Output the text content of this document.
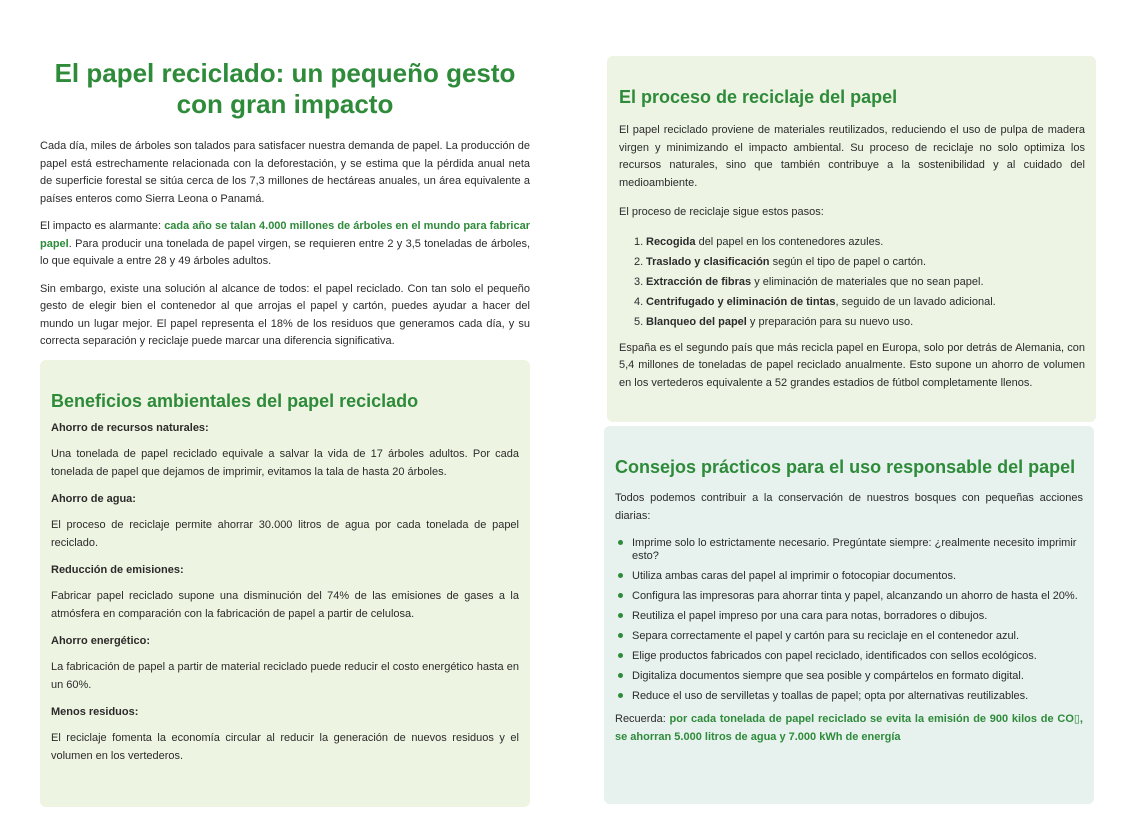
El papel reciclado: un pequeño gesto con gran impacto

Cada día, miles de árboles son talados para satisfacer nuestra demanda de papel. La producción de papel está estrechamente relacionada con la deforestación, y se estima que la pérdida anual neta de superficie forestal se sitúa cerca de los 7,3 millones de hectáreas anuales, un área equivalente a países enteros como Sierra Leona o Panamá.

El impacto es alarmante: cada año se talan 4.000 millones de árboles en el mundo para fabricar papel. Para producir una tonelada de papel virgen, se requieren entre 2 y 3,5 toneladas de árboles, lo que equivale a entre 28 y 49 árboles adultos.

Sin embargo, existe una solución al alcance de todos: el papel reciclado. Con tan solo el pequeño gesto de elegir bien el contenedor al que arrojas el papel y cartón, puedes ayudar a hacer del mundo un lugar mejor. El papel representa el 18% de los residuos que generamos cada día, y su correcta separación y reciclaje puede marcar una diferencia significativa.

Beneficios ambientales del papel reciclado

Ahorro de recursos naturales:

Una tonelada de papel reciclado equivale a salvar la vida de 17 árboles adultos. Por cada tonelada de papel que dejamos de imprimir, evitamos la tala de hasta 20 árboles.

Ahorro de agua:

El proceso de reciclaje permite ahorrar 30.000 litros de agua por cada tonelada de papel reciclado.

Reducción de emisiones:

Fabricar papel reciclado supone una disminución del 74% de las emisiones de gases a la atmósfera en comparación con la fabricación de papel a partir de celulosa.

Ahorro energético:

La fabricación de papel a partir de material reciclado puede reducir el costo energético hasta en un 60%.

Menos residuos:

El reciclaje fomenta la economía circular al reducir la generación de nuevos residuos y el volumen en los vertederos.

El proceso de reciclaje del papel

El papel reciclado proviene de materiales reutilizados, reduciendo el uso de pulpa de madera virgen y minimizando el impacto ambiental. Su proceso de reciclaje no solo optimiza los recursos naturales, sino que también contribuye a la sostenibilidad y al cuidado del medioambiente.

El proceso de reciclaje sigue estos pasos:

1. Recogida del papel en los contenedores azules.
2. Traslado y clasificación según el tipo de papel o cartón.
3. Extracción de fibras y eliminación de materiales que no sean papel.
4. Centrifugado y eliminación de tintas, seguido de un lavado adicional.
5. Blanqueo del papel y preparación para su nuevo uso.

España es el segundo país que más recicla papel en Europa, solo por detrás de Alemania, con 5,4 millones de toneladas de papel reciclado anualmente. Esto supone un ahorro de volumen en los vertederos equivalente a 52 grandes estadios de fútbol completamente llenos.

Consejos prácticos para el uso responsable del papel

Todos podemos contribuir a la conservación de nuestros bosques con pequeñas acciones diarias:

Imprime solo lo estrictamente necesario. Pregúntate siempre: ¿realmente necesito imprimir esto?
Utiliza ambas caras del papel al imprimir o fotocopiar documentos.
Configura las impresoras para ahorrar tinta y papel, alcanzando un ahorro de hasta el 20%.
Reutiliza el papel impreso por una cara para notas, borradores o dibujos.
Separa correctamente el papel y cartón para su reciclaje en el contenedor azul.
Elige productos fabricados con papel reciclado, identificados con sellos ecológicos.
Digitaliza documentos siempre que sea posible y compártelos en formato digital.
Reduce el uso de servilletas y toallas de papel; opta por alternativas reutilizables.

Recuerda: por cada tonelada de papel reciclado se evita la emisión de 900 kilos de CO▯, se ahorran 5.000 litros de agua y 7.000 kWh de energía
